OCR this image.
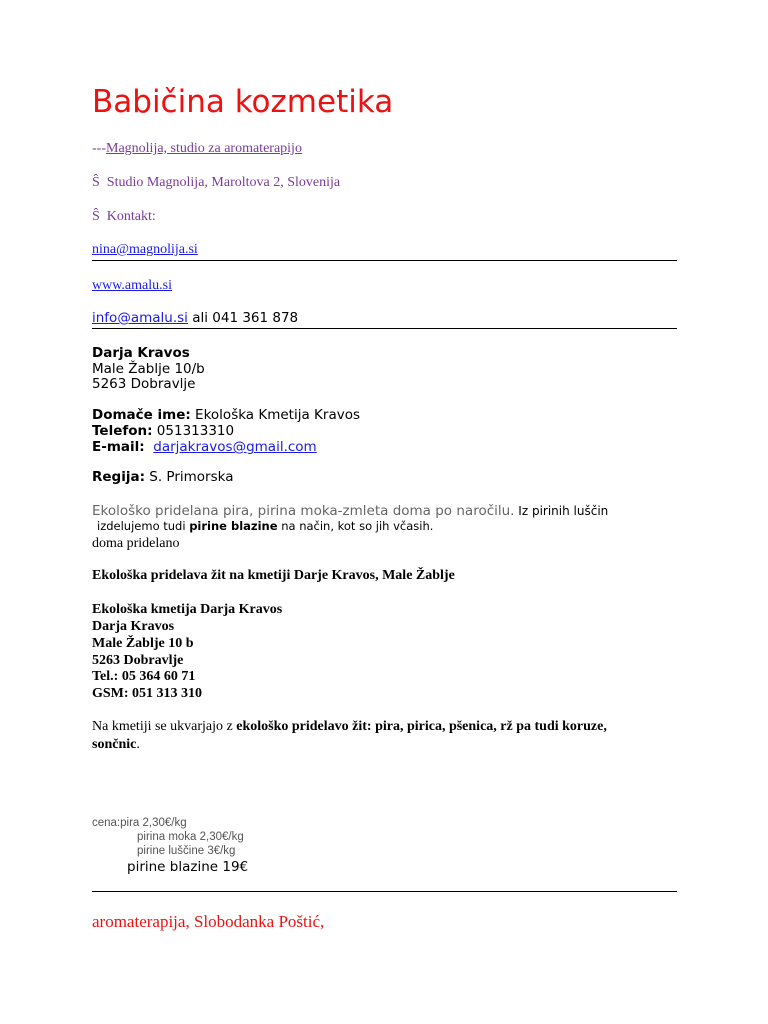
Babičina kozmetika
---Magnolija, studio za aromaterapijo
Ŝ Studio Magnolija, Maroltova 2, Slovenija
Ŝ Kontakt:
nina@magnolija.si
www.amalu.si
info@amalu.si ali 041 361 878
Darja Kravos
Male Žablje 10/b
5263 Dobravlje
Domače ime: Ekološka Kmetija Kravos
Telefon: 051313310
E-mail: darjakravos@gmail.com
Regija: S. Primorska
Ekološko pridelana pira, pirina moka-zmleta doma po naročilu. Iz pirinih luščin
izdelujemo tudi pirine blazine na način, kot so jih včasih.
doma pridelano
Ekološka pridelava žit na kmetiji Darje Kravos, Male Žablje
Ekološka kmetija Darja Kravos
Darja Kravos
Male Žablje 10 b
5263 Dobravlje
Tel.: 05 364 60 71
GSM: 051 313 310
Na kmetiji se ukvarjajo z ekološko pridelavo žit: pira, pirica, pšenica, rž pa tudi koruze,
sončnic.
cena:pira 2,30€/kg
pirina moka 2,30€/kg
pirine luščine 3€/kg
pirine blazine 19€
aromaterapija, Slobodanka Poštić,
